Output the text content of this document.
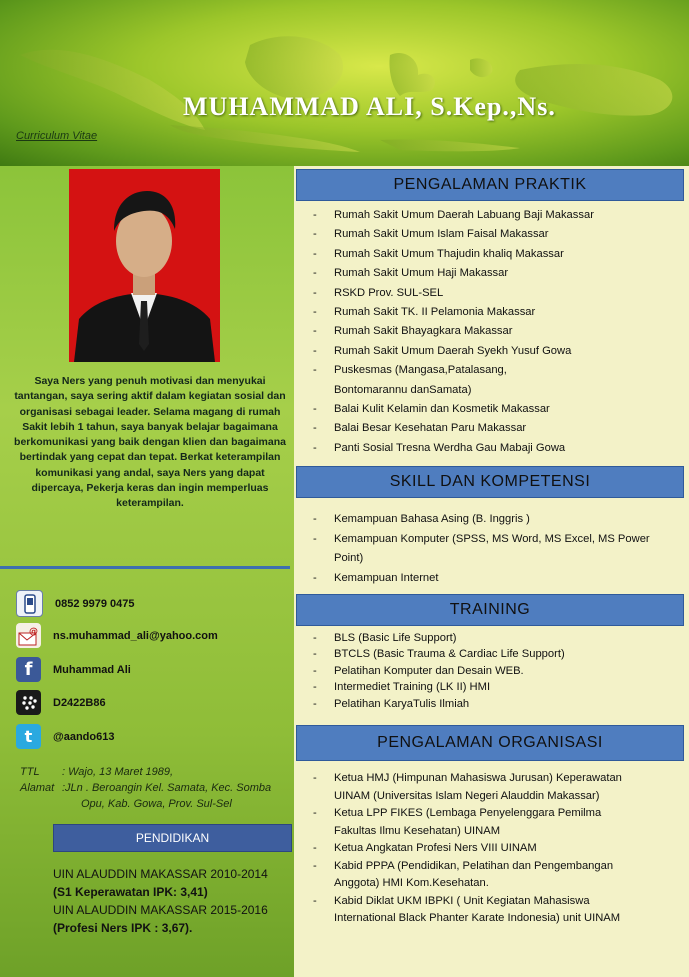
MUHAMMAD ALI, S.Kep.,Ns.
Curriculum Vitae
Saya Ners yang penuh motivasi dan menyukai tantangan, saya sering aktif dalam kegiatan sosial dan organisasi sebagai leader. Selama magang di rumah Sakit lebih 1 tahun, saya banyak belajar bagaimana berkomunikasi yang baik dengan klien dan bagaimana bertindak yang cepat dan tepat. Berkat keterampilan komunikasi yang andal, saya Ners yang dapat dipercaya, Pekerja keras dan ingin memperluas keterampilan.
0852 9979 0475
@ ns.muhammad_ali@yahoo.com
f Muhammad Ali
D2422B86
t @aando613
TTL	: Wajo, 13 Maret 1989,
Alamat :JLn . Beroangin Kel. Samata, Kec. Somba
Opu, Kab. Gowa, Prov. Sul-Sel
PENDIDIKAN
UIN ALAUDDIN MAKASSAR 2010-2014
(S1 Keperawatan IPK: 3,41)
UIN ALAUDDIN MAKASSAR 2015-2016
(Profesi Ners IPK : 3,67).
PENGALAMAN PRAKTIK
- Rumah Sakit Umum Daerah Labuang Baji Makassar
- Rumah Sakit Umum Islam Faisal Makassar
- Rumah Sakit Umum Thajudin khaliq Makassar
- Rumah Sakit Umum Haji Makassar
- RSKD Prov. SUL-SEL
- Rumah Sakit TK. II Pelamonia Makassar
- Rumah Sakit Bhayagkara Makassar
- Rumah Sakit Umum Daerah Syekh Yusuf Gowa
- Puskesmas (Mangasa,Patalasang, Bontomarannu danSamata)
- Balai Kulit Kelamin dan Kosmetik Makassar
- Balai Besar Kesehatan Paru Makassar
- Panti Sosial Tresna Werdha Gau Mabaji Gowa
SKILL DAN KOMPETENSI
- Kemampuan Bahasa Asing (B. Inggris )
- Kemampuan Komputer (SPSS, MS Word, MS Excel, MS Power Point)
- Kemampuan Internet
TRAINING
- BLS (Basic Life Support)
- BTCLS (Basic Trauma & Cardiac Life Support)
- Pelatihan Komputer dan Desain WEB.
- Intermediet Training (LK II) HMI
- Pelatihan KaryaTulis Ilmiah
PENGALAMAN ORGANISASI
- Ketua HMJ (Himpunan Mahasiswa Jurusan) Keperawatan UINAM (Universitas Islam Negeri Alauddin Makassar)
- Ketua LPP FIKES (Lembaga Penyelenggara Pemilma Fakultas Ilmu Kesehatan) UINAM
- Ketua Angkatan Profesi Ners VIII UINAM
- Kabid PPPA (Pendidikan, Pelatihan dan Pengembangan Anggota) HMI Kom.Kesehatan.
- Kabid Diklat UKM IBPKI ( Unit Kegiatan Mahasiswa International Black Phanter Karate Indonesia) unit UINAM
